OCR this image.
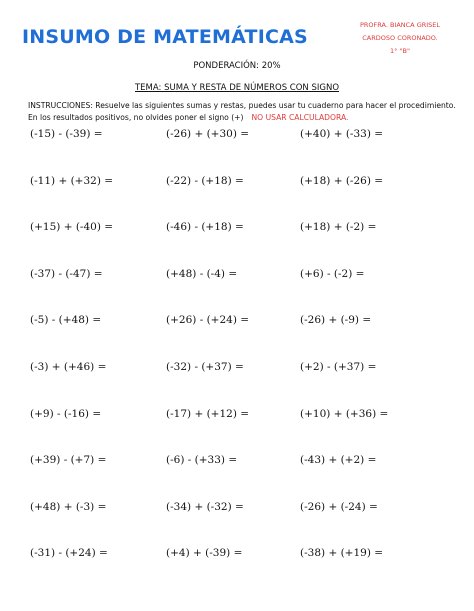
INSUMO DE MATEMÁTICAS
PROFRA. BIANCA GRISEL
CARDOSO CORONADO.
1° "B"
PONDERACIÓN: 20%
TEMA: SUMA Y RESTA DE NÚMEROS CON SIGNO
INSTRUCCIONES: Resuelve las siguientes sumas y restas, puedes usar tu cuaderno para hacer el procedimiento.
En los resultados positivos, no olvides poner el signo (+) NO USAR CALCULADORA.
(-15) - (-39) =	(-26) + (+30) =	(+40) + (-33) =
(-11) + (+32) =	(-22) - (+18) =	(+18) + (-26) =
(+15) + (-40) =	(-46) - (+18) =	(+18) + (-2) =
(-37) - (-47) =	(+48) - (-4) =	(+6) - (-2) =
(-5) - (+48) =	(+26) - (+24) =	(-26) + (-9) =
(-3) + (+46) =	(-32) - (+37) =	(+2) - (+37) =
(+9) - (-16) =	(-17) + (+12) =	(+10) + (+36) =
(+39) - (+7) =	(-6) - (+33) =	(-43) + (+2) =
(+48) + (-3) =	(-34) + (-32) =	(-26) + (-24) =
(-31) - (+24) =	(+4) + (-39) =	(-38) + (+19) =
